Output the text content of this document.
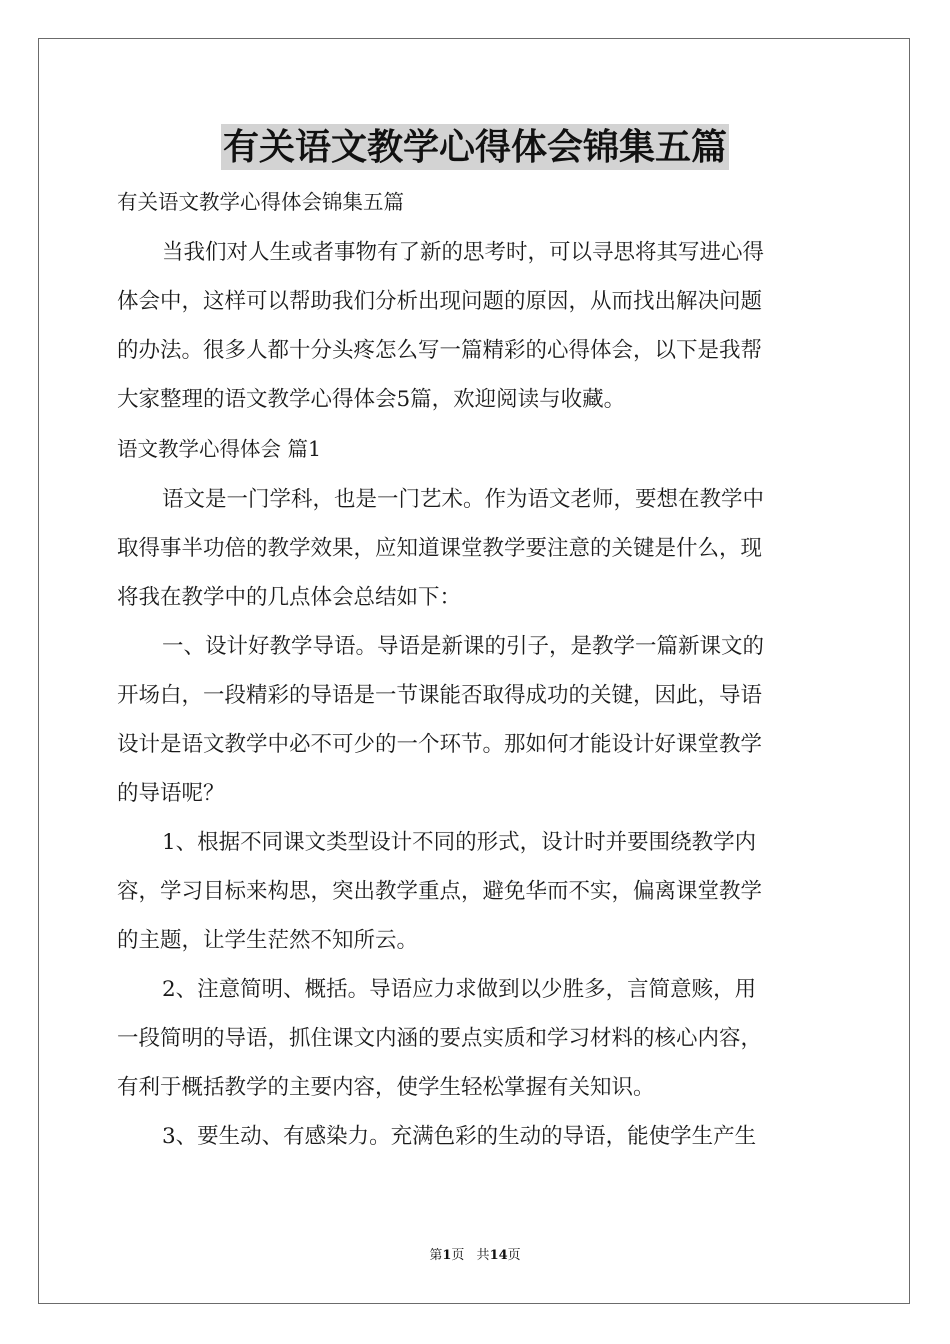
有关语文教学心得体会锦集五篇

有关语文教学心得体会锦集五篇

当我们对人生或者事物有了新的思考时，可以寻思将其写进心得

体会中，这样可以帮助我们分析出现问题的原因，从而找出解决问题

的办法。很多人都十分头疼怎么写一篇精彩的心得体会，以下是我帮

大家整理的语文教学心得体会5篇，欢迎阅读与收藏。

语文教学心得体会 篇1

语文是一门学科，也是一门艺术。作为语文老师，要想在教学中

取得事半功倍的教学效果，应知道课堂教学要注意的关键是什么，现

将我在教学中的几点体会总结如下：

一、设计好教学导语。导语是新课的引子，是教学一篇新课文的

开场白，一段精彩的导语是一节课能否取得成功的关键，因此，导语

设计是语文教学中必不可少的一个环节。那如何才能设计好课堂教学

的导语呢？

1、根据不同课文类型设计不同的形式，设计时并要围绕教学内

容，学习目标来构思，突出教学重点，避免华而不实，偏离课堂教学

的主题，让学生茫然不知所云。

2、注意简明、概括。导语应力求做到以少胜多，言简意赅，用

一段简明的导语，抓住课文内涵的要点实质和学习材料的核心内容，

有利于概括教学的主要内容，使学生轻松掌握有关知识。

3、要生动、有感染力。充满色彩的生动的导语，能使学生产生

第1页 共14页
